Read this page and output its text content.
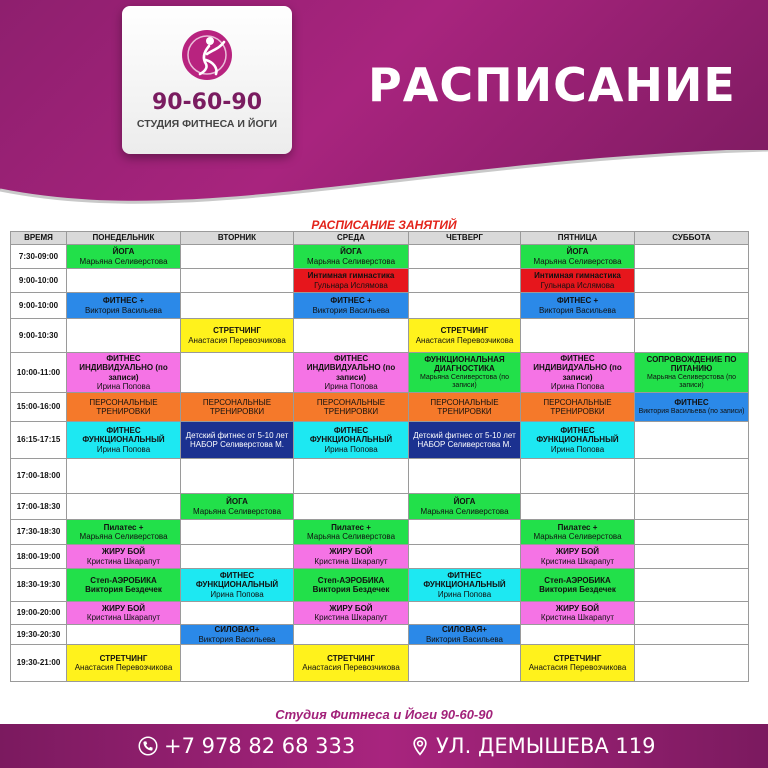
90-60-90
СТУДИЯ ФИТНЕСА И ЙОГИ
РАСПИСАНИЕ
РАСПИСАНИЕ ЗАНЯТИЙ
ВРЕМЯ	ПОНЕДЕЛЬНИК	ВТОРНИК	СРЕДА	ЧЕТВЕРГ	ПЯТНИЦА	СУББОТА
7:30-09:00	ЙОГА
Марьяна Селиверстова		ЙОГА
Марьяна Селиверстова		ЙОГА
Марьяна Селиверстова	

9:00-10:00			Интимная гимнастика
Гульнара Ислямова		Интимная гимнастика
Гульнара Ислямова	

9:00-10:00	ФИТНЕС +
Виктория Васильева		ФИТНЕС +
Виктория Васильева		ФИТНЕС +
Виктория Васильева	

9:00-10:30		СТРЕТЧИНГ
Анастасия Перевозчикова		СТРЕТЧИНГ
Анастасия Перевозчикова		

10:00-11:00	ФИТНЕС ИНДИВИДУАЛЬНО (по записи)
Ирина Попова		ФИТНЕС ИНДИВИДУАЛЬНО (по записи)
Ирина Попова	ФУНКЦИОНАЛЬНАЯ ДИАГНОСТИКА
Марьяна Селиверстова (по записи)	ФИТНЕС ИНДИВИДУАЛЬНО (по записи)
Ирина Попова	СОПРОВОЖДЕНИЕ ПО ПИТАНИЮ
Марьяна Селиверстова (по записи)

15:00-16:00	ПЕРСОНАЛЬНЫЕ ТРЕНИРОВКИ	ПЕРСОНАЛЬНЫЕ ТРЕНИРОВКИ	ПЕРСОНАЛЬНЫЕ ТРЕНИРОВКИ	ПЕРСОНАЛЬНЫЕ ТРЕНИРОВКИ	ПЕРСОНАЛЬНЫЕ ТРЕНИРОВКИ	ФИТНЕС
Виктория Васильева (по записи)

16:15-17:15	ФИТНЕС ФУНКЦИОНАЛЬНЫЙ
Ирина Попова	Детский фитнес от 5-10 лет НАБОР Селиверстова М.	ФИТНЕС ФУНКЦИОНАЛЬНЫЙ
Ирина Попова	Детский фитнес от 5-10 лет НАБОР Селиверстова М.	ФИТНЕС ФУНКЦИОНАЛЬНЫЙ
Ирина Попова	

17:00-18:00						
17:00-18:30		ЙОГА
Марьяна Селиверстова		ЙОГА
Марьяна Селиверстова		

17:30-18:30	Пилатес +
Марьяна Селиверстова		Пилатес +
Марьяна Селиверстова		Пилатес +
Марьяна Селиверстова	

18:00-19:00	ЖИРУ БОЙ
Кристина Шкарапут		ЖИРУ БОЙ
Кристина Шкарапут		ЖИРУ БОЙ
Кристина Шкарапут	

18:30-19:30	Степ-АЭРОБИКА
Виктория Бездечек	ФИТНЕС ФУНКЦИОНАЛЬНЫЙ
Ирина Попова	Степ-АЭРОБИКА
Виктория Бездечек	ФИТНЕС ФУНКЦИОНАЛЬНЫЙ
Ирина Попова	Степ-АЭРОБИКА
Виктория Бездечек	

19:00-20:00	ЖИРУ БОЙ
Кристина Шкарапут		ЖИРУ БОЙ
Кристина Шкарапут		ЖИРУ БОЙ
Кристина Шкарапут	

19:30-20:30		СИЛОВАЯ+
Виктория Васильева		СИЛОВАЯ+
Виктория Васильева		

19:30-21:00	СТРЕТЧИНГ
Анастасия Перевозчикова		СТРЕТЧИНГ
Анастасия Перевозчикова		СТРЕТЧИНГ
Анастасия Перевозчикова	

Студия Фитнеса и Йоги 90-60-90
+7 978 82 68 333	УЛ. ДЕМЫШЕВА 119
